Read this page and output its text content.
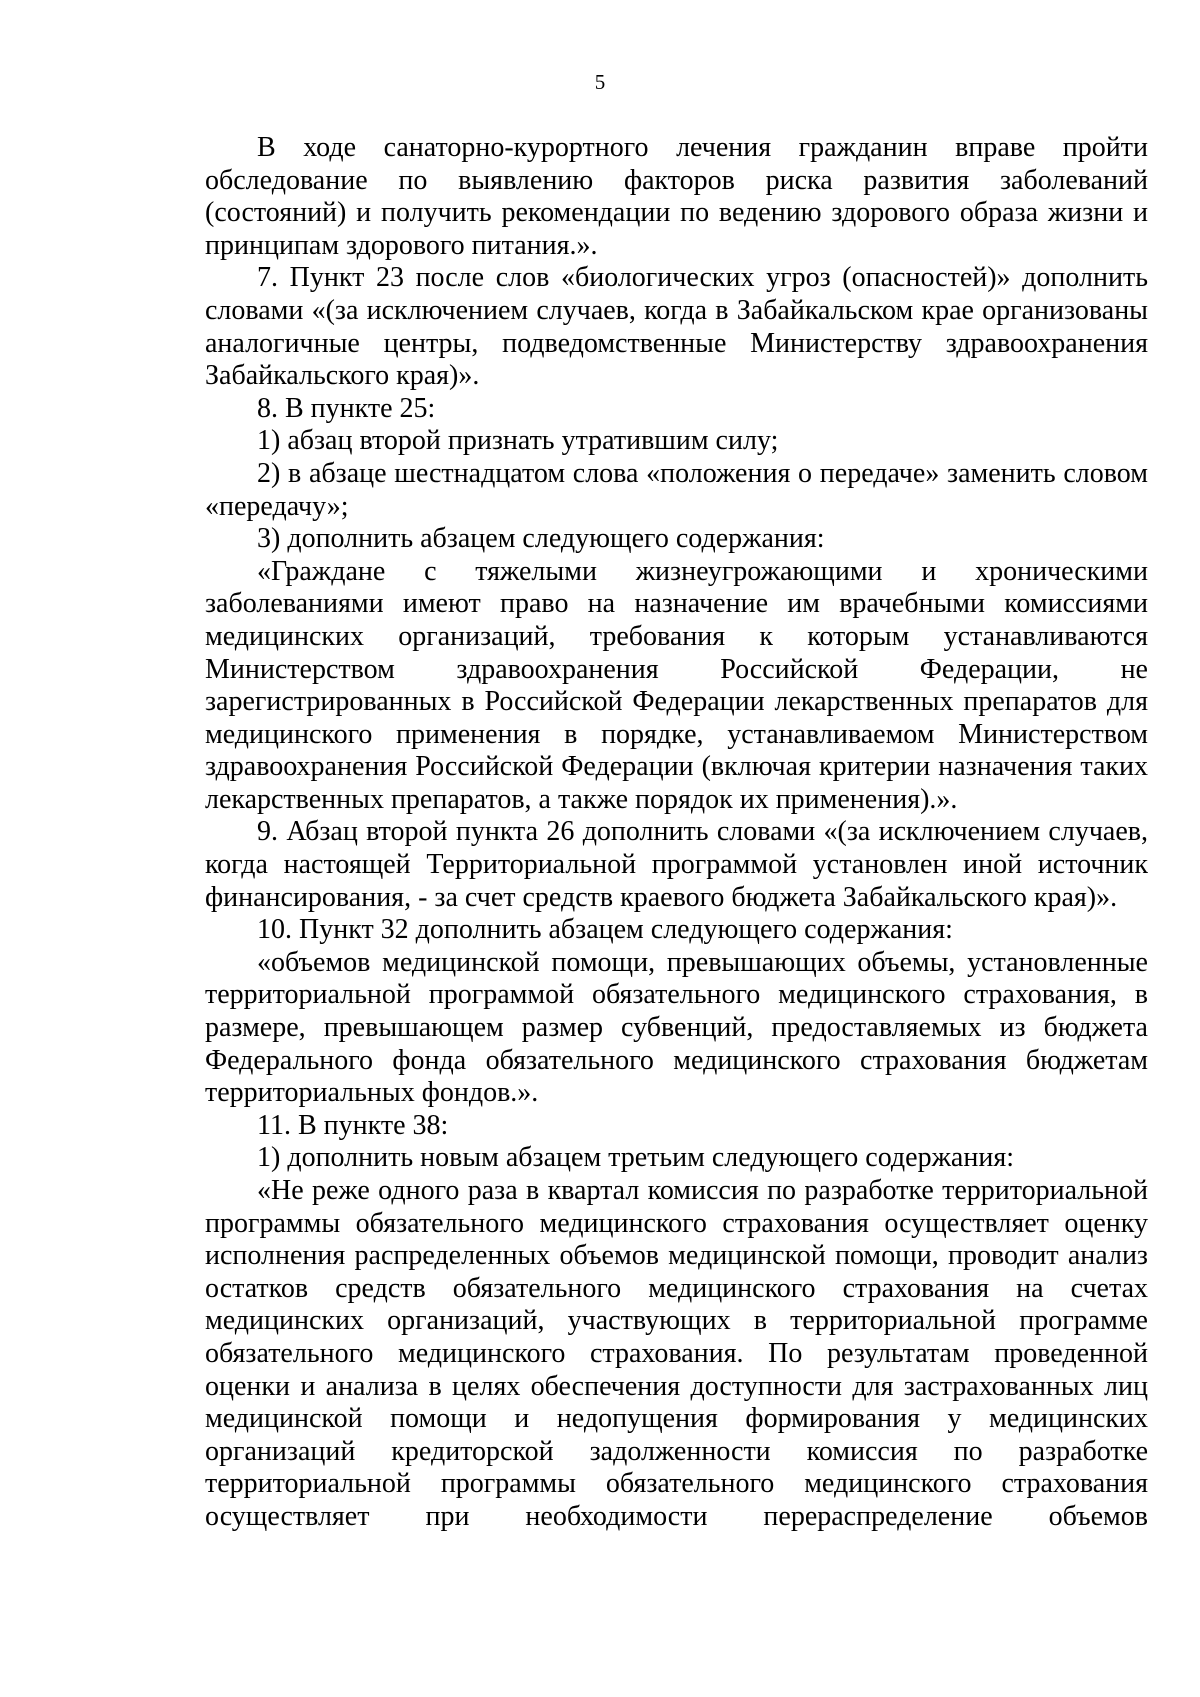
5

В ходе санаторно-курортного лечения гражданин вправе пройти обследование по выявлению факторов риска развития заболеваний (состояний) и получить рекомендации по ведению здорового образа жизни и принципам здорового питания.».

7. Пункт 23 после слов «биологических угроз (опасностей)» дополнить словами «(за исключением случаев, когда в Забайкальском крае организованы аналогичные центры, подведомственные Министерству здравоохранения Забайкальского края)».

8. В пункте 25:

1) абзац второй признать утратившим силу;

2) в абзаце шестнадцатом слова «положения о передаче» заменить словом «передачу»;

3) дополнить абзацем следующего содержания:

«Граждане с тяжелыми жизнеугрожающими и хроническими заболеваниями имеют право на назначение им врачебными комиссиями медицинских организаций, требования к которым устанавливаются Министерством здравоохранения Российской Федерации, не зарегистрированных в Российской Федерации лекарственных препаратов для медицинского применения в порядке, устанавливаемом Министерством здравоохранения Российской Федерации (включая критерии назначения таких лекарственных препаратов, а также порядок их применения).».

9. Абзац второй пункта 26 дополнить словами «(за исключением случаев, когда настоящей Территориальной программой установлен иной источник финансирования, - за счет средств краевого бюджета Забайкальского края)».

10. Пункт 32 дополнить абзацем следующего содержания:

«объемов медицинской помощи, превышающих объемы, установленные территориальной программой обязательного медицинского страхования, в размере, превышающем размер субвенций, предоставляемых из бюджета Федерального фонда обязательного медицинского страхования бюджетам территориальных фондов.».

11. В пункте 38:

1) дополнить новым абзацем третьим следующего содержания:

«Не реже одного раза в квартал комиссия по разработке территориальной программы обязательного медицинского страхования осуществляет оценку исполнения распределенных объемов медицинской помощи, проводит анализ остатков средств обязательного медицинского страхования на счетах медицинских организаций, участвующих в территориальной программе обязательного медицинского страхования. По результатам проведенной оценки и анализа в целях обеспечения доступности для застрахованных лиц медицинской помощи и недопущения формирования у медицинских организаций кредиторской задолженности комиссия по разработке территориальной программы обязательного медицинского страхования осуществляет при необходимости перераспределение объемов
